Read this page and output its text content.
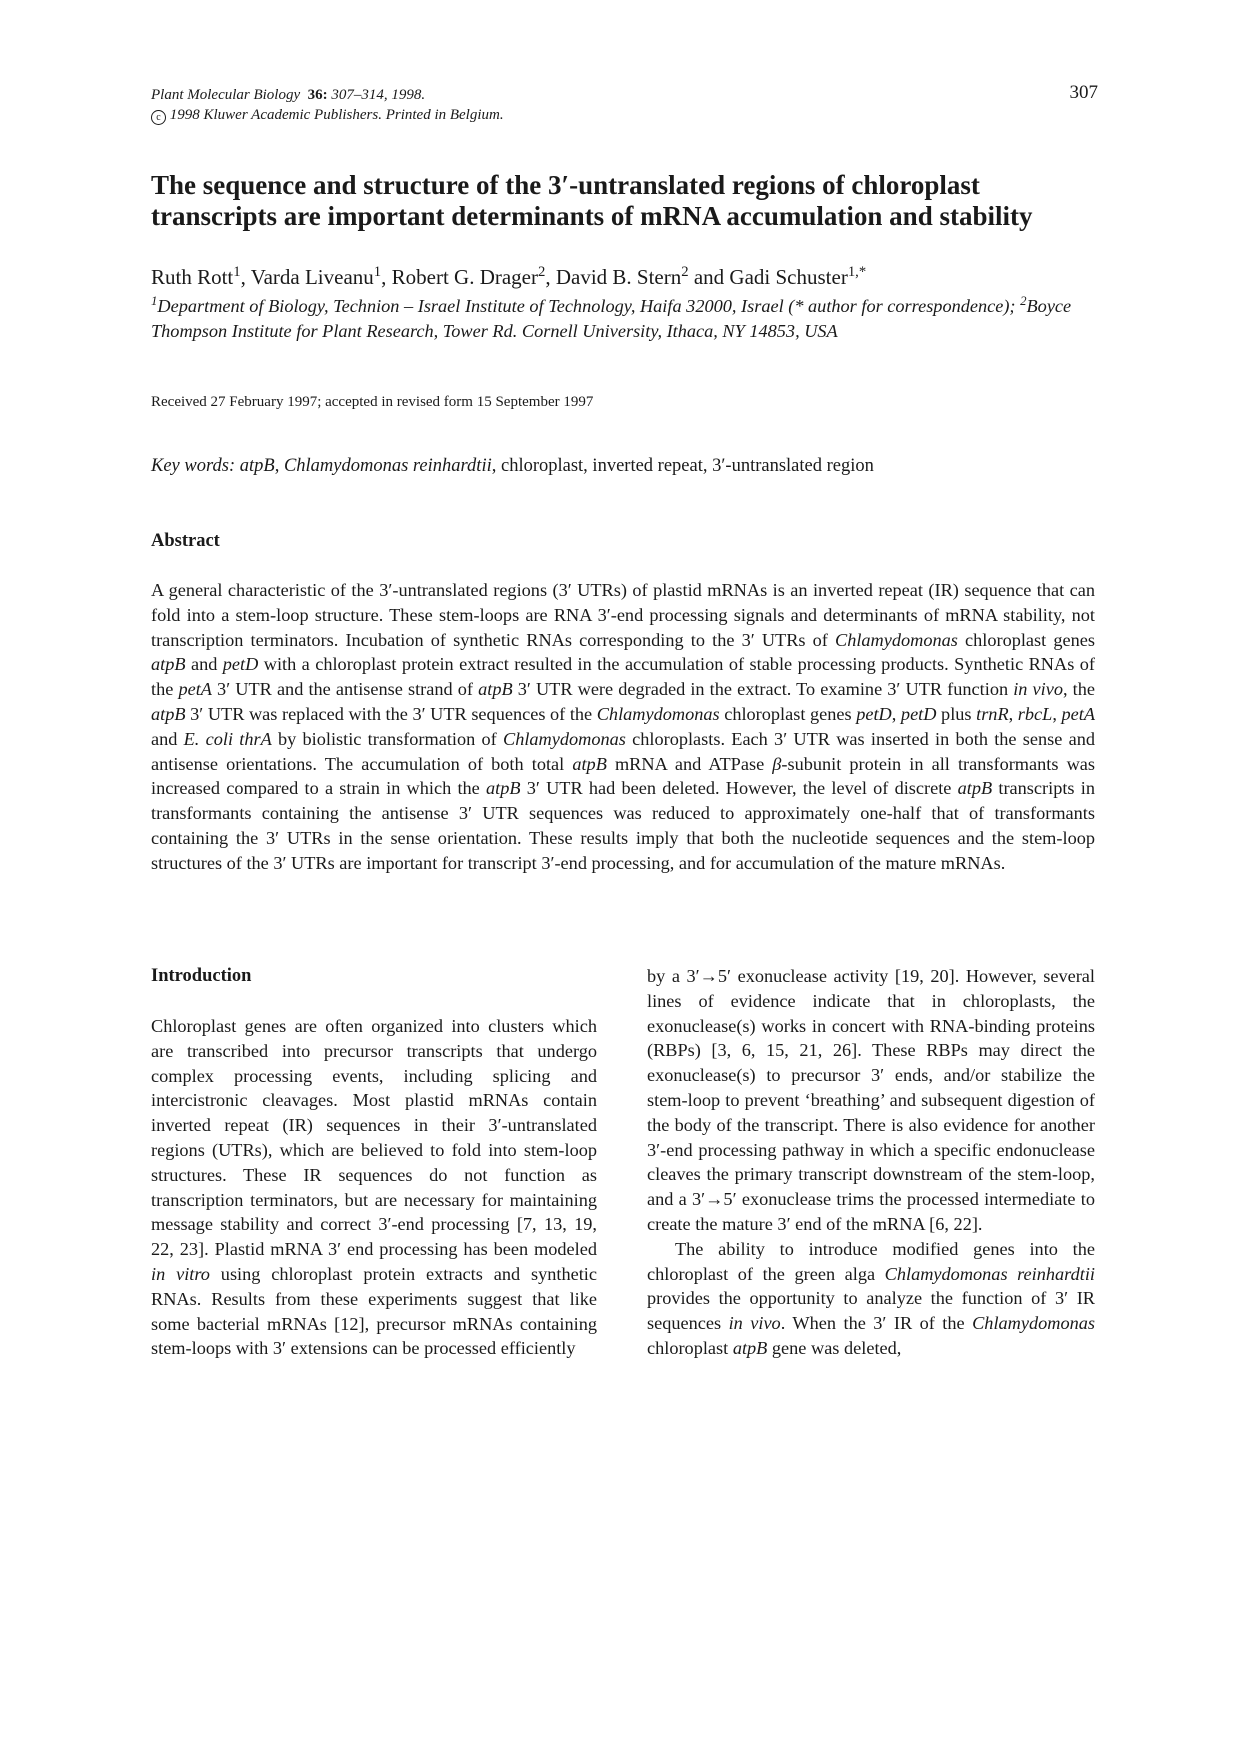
Plant Molecular Biology 36: 307–314, 1998.
c 1998 Kluwer Academic Publishers. Printed in Belgium.
307
The sequence and structure of the 3′-untranslated regions of chloroplast transcripts are important determinants of mRNA accumulation and stability
Ruth Rott$^1$, Varda Liveanu$^1$, Robert G. Drager$^2$, David B. Stern$^2$ and Gadi Schuster$^{1,*}$
$^1$Department of Biology, Technion – Israel Institute of Technology, Haifa 32000, Israel (* author for correspondence); $^2$Boyce Thompson Institute for Plant Research, Tower Rd. Cornell University, Ithaca, NY 14853, USA
Received 27 February 1997; accepted in revised form 15 September 1997
Key words: atpB, Chlamydomonas reinhardtii, chloroplast, inverted repeat, 3′-untranslated region
Abstract

A general characteristic of the 3′-untranslated regions (3′ UTRs) of plastid mRNAs is an inverted repeat (IR) sequence that can fold into a stem-loop structure. These stem-loops are RNA 3′-end processing signals and determinants of mRNA stability, not transcription terminators. Incubation of synthetic RNAs corresponding to the 3′ UTRs of Chlamydomonas chloroplast genes atpB and petD with a chloroplast protein extract resulted in the accumulation of stable processing products. Synthetic RNAs of the petA 3′ UTR and the antisense strand of atpB 3′ UTR were degraded in the extract. To examine 3′ UTR function in vivo, the atpB 3′ UTR was replaced with the 3′ UTR sequences of the Chlamydomonas chloroplast genes petD, petD plus trnR, rbcL, petA and E. coli thrA by biolistic transformation of Chlamydomonas chloroplasts. Each 3′ UTR was inserted in both the sense and antisense orientations. The accumulation of both total atpB mRNA and ATPase β-subunit protein in all transformants was increased compared to a strain in which the atpB 3′ UTR had been deleted. However, the level of discrete atpB transcripts in transformants containing the antisense 3′ UTR sequences was reduced to approximately one-half that of transformants containing the 3′ UTRs in the sense orientation. These results imply that both the nucleotide sequences and the stem-loop structures of the 3′ UTRs are important for transcript 3′-end processing, and for accumulation of the mature mRNAs.

Introduction

Chloroplast genes are often organized into clusters which are transcribed into precursor transcripts that undergo complex processing events, including splicing and intercistronic cleavages. Most plastid mRNAs contain inverted repeat (IR) sequences in their 3′-untranslated regions (UTRs), which are believed to fold into stem-loop structures. These IR sequences do not function as transcription terminators, but are necessary for maintaining message stability and correct 3′-end processing [7, 13, 19, 22, 23]. Plastid mRNA 3′ end processing has been modeled in vitro using chloroplast protein extracts and synthetic RNAs. Results from these experiments suggest that like some bacterial mRNAs [12], precursor mRNAs containing stem-loops with 3′ extensions can be processed efficiently

by a 3′→5′ exonuclease activity [19, 20]. However, several lines of evidence indicate that in chloroplasts, the exonuclease(s) works in concert with RNA-binding proteins (RBPs) [3, 6, 15, 21, 26]. These RBPs may direct the exonuclease(s) to precursor 3′ ends, and/or stabilize the stem-loop to prevent ‘breathing’ and subsequent digestion of the body of the transcript. There is also evidence for another 3′-end processing pathway in which a specific endonuclease cleaves the primary transcript downstream of the stem-loop, and a 3′→5′ exonuclease trims the processed intermediate to create the mature 3′ end of the mRNA [6, 22].

The ability to introduce modified genes into the chloroplast of the green alga Chlamydomonas reinhardtii provides the opportunity to analyze the function of 3′ IR sequences in vivo. When the 3′ IR of the Chlamydomonas chloroplast atpB gene was deleted,
